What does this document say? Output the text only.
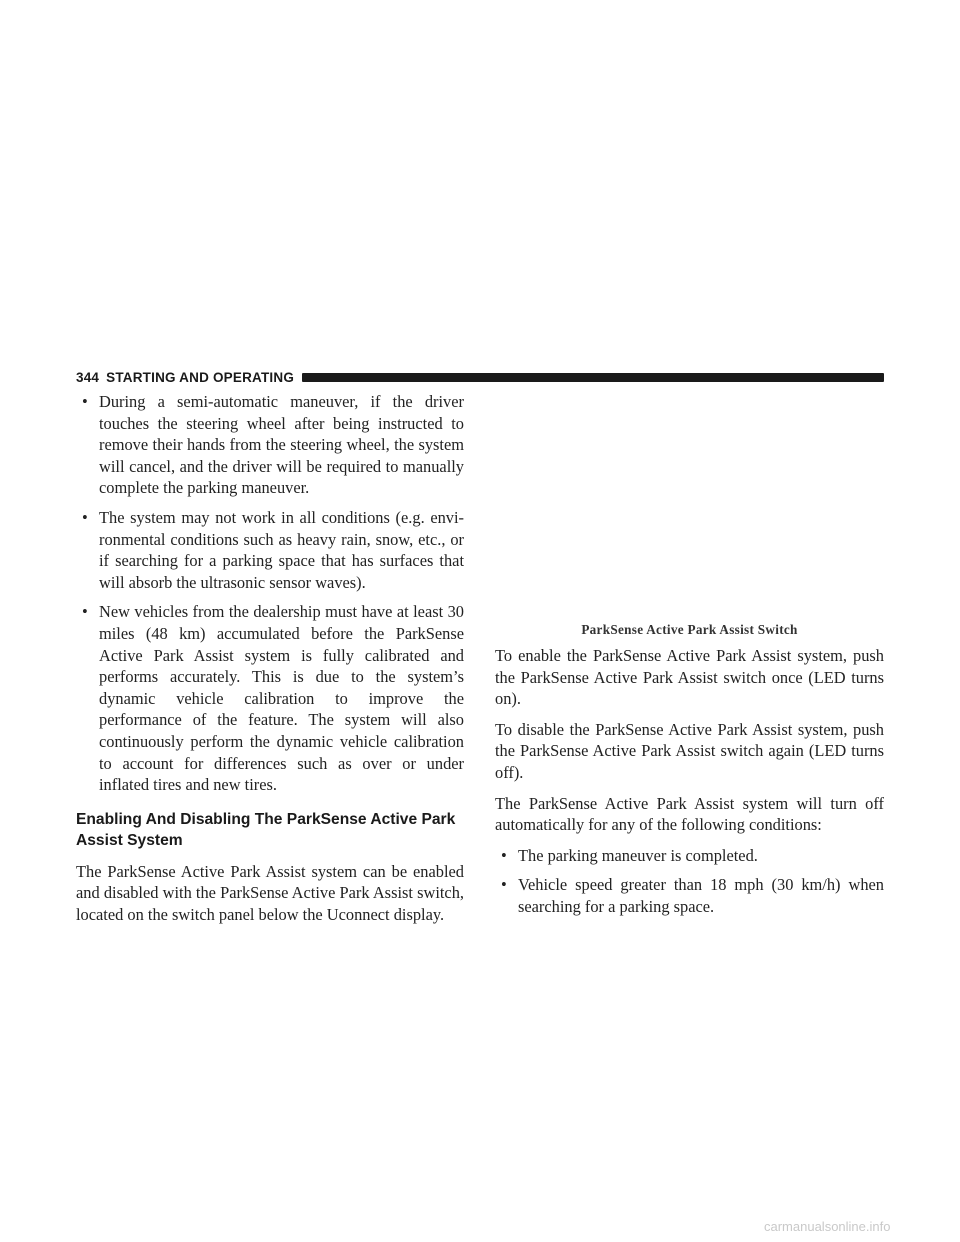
344 STARTING AND OPERATING
• During a semi-automatic maneuver, if the driver touches the steering wheel after being instructed to remove their hands from the steering wheel, the system will cancel, and the driver will be required to manually complete the parking maneuver.
• The system may not work in all conditions (e.g. envi-ronmental conditions such as heavy rain, snow, etc., or if searching for a parking space that has surfaces that will absorb the ultrasonic sensor waves).
• New vehicles from the dealership must have at least 30 miles (48 km) accumulated before the ParkSense Active Park Assist system is fully calibrated and performs accurately. This is due to the system’s dynamic vehicle calibration to improve the performance of the feature. The system will also continuously perform the dynamic vehicle calibration to account for differences such as over or under inflated tires and new tires.
Enabling And Disabling The ParkSense Active Park Assist System

The ParkSense Active Park Assist system can be enabled and disabled with the ParkSense Active Park Assist switch, located on the switch panel below the Uconnect display.

ParkSense Active Park Assist Switch

To enable the ParkSense Active Park Assist system, push the ParkSense Active Park Assist switch once (LED turns on).

To disable the ParkSense Active Park Assist system, push the ParkSense Active Park Assist switch again (LED turns off).

The ParkSense Active Park Assist system will turn off automatically for any of the following conditions:

• The parking maneuver is completed.
• Vehicle speed greater than 18 mph (30 km/h) when searching for a parking space.
carmanualsonline.info
